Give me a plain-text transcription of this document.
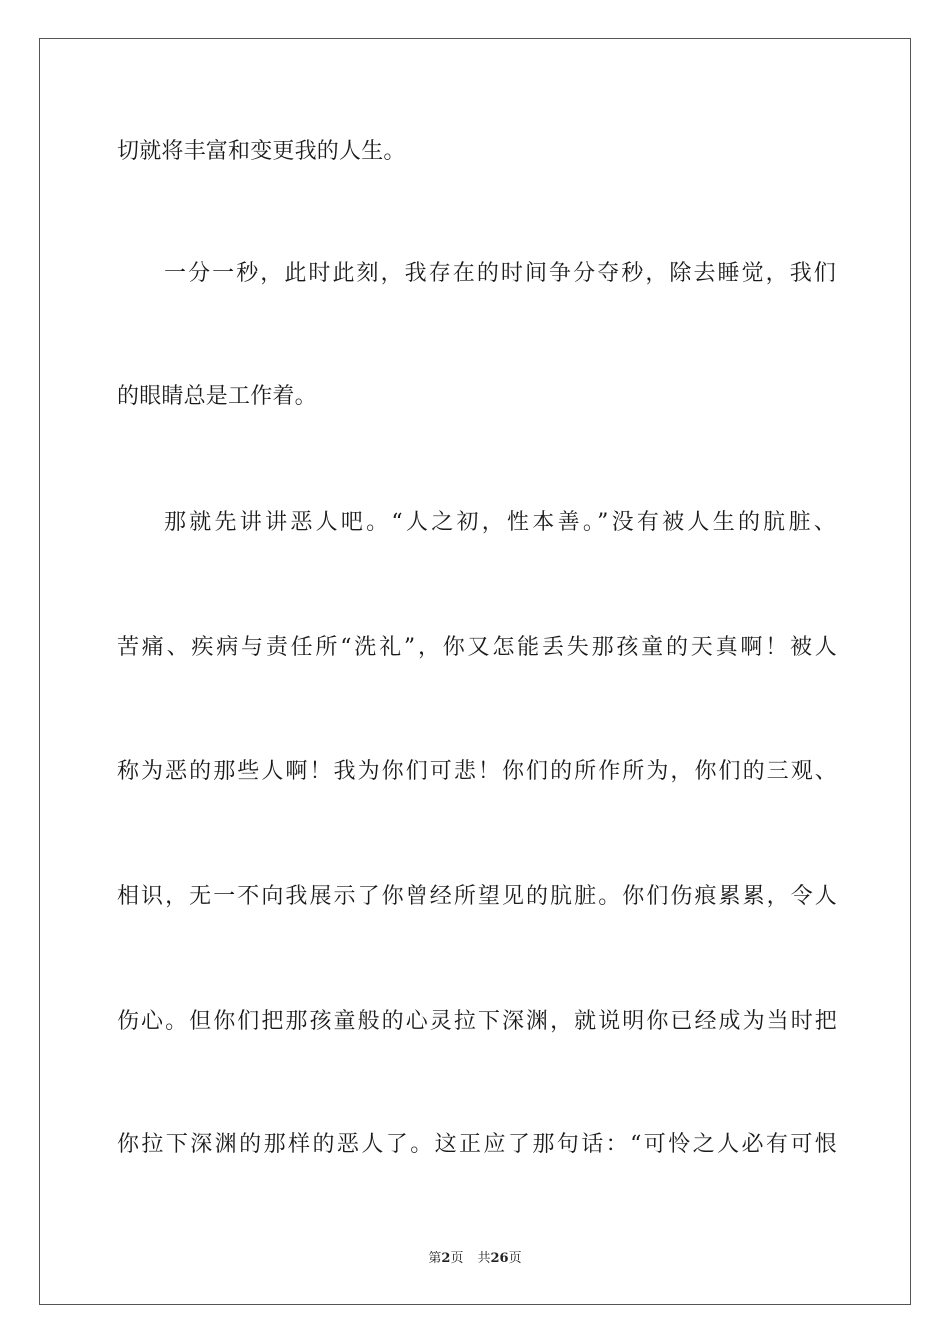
切就将丰富和变更我的人生。
一分一秒，此时此刻，我存在的时间争分夺秒，除去睡觉，我们
的眼睛总是工作着。
那就先讲讲恶人吧。“人之初，性本善。”没有被人生的肮脏、
苦痛、疾病与责任所“洗礼”，你又怎能丢失那孩童的天真啊！被人
称为恶的那些人啊！我为你们可悲！你们的所作所为，你们的三观、
相识，无一不向我展示了你曾经所望见的肮脏。你们伤痕累累，令人
伤心。但你们把那孩童般的心灵拉下深渊，就说明你已经成为当时把
你拉下深渊的那样的恶人了。这正应了那句话：“可怜之人必有可恨
第2页 共26页
